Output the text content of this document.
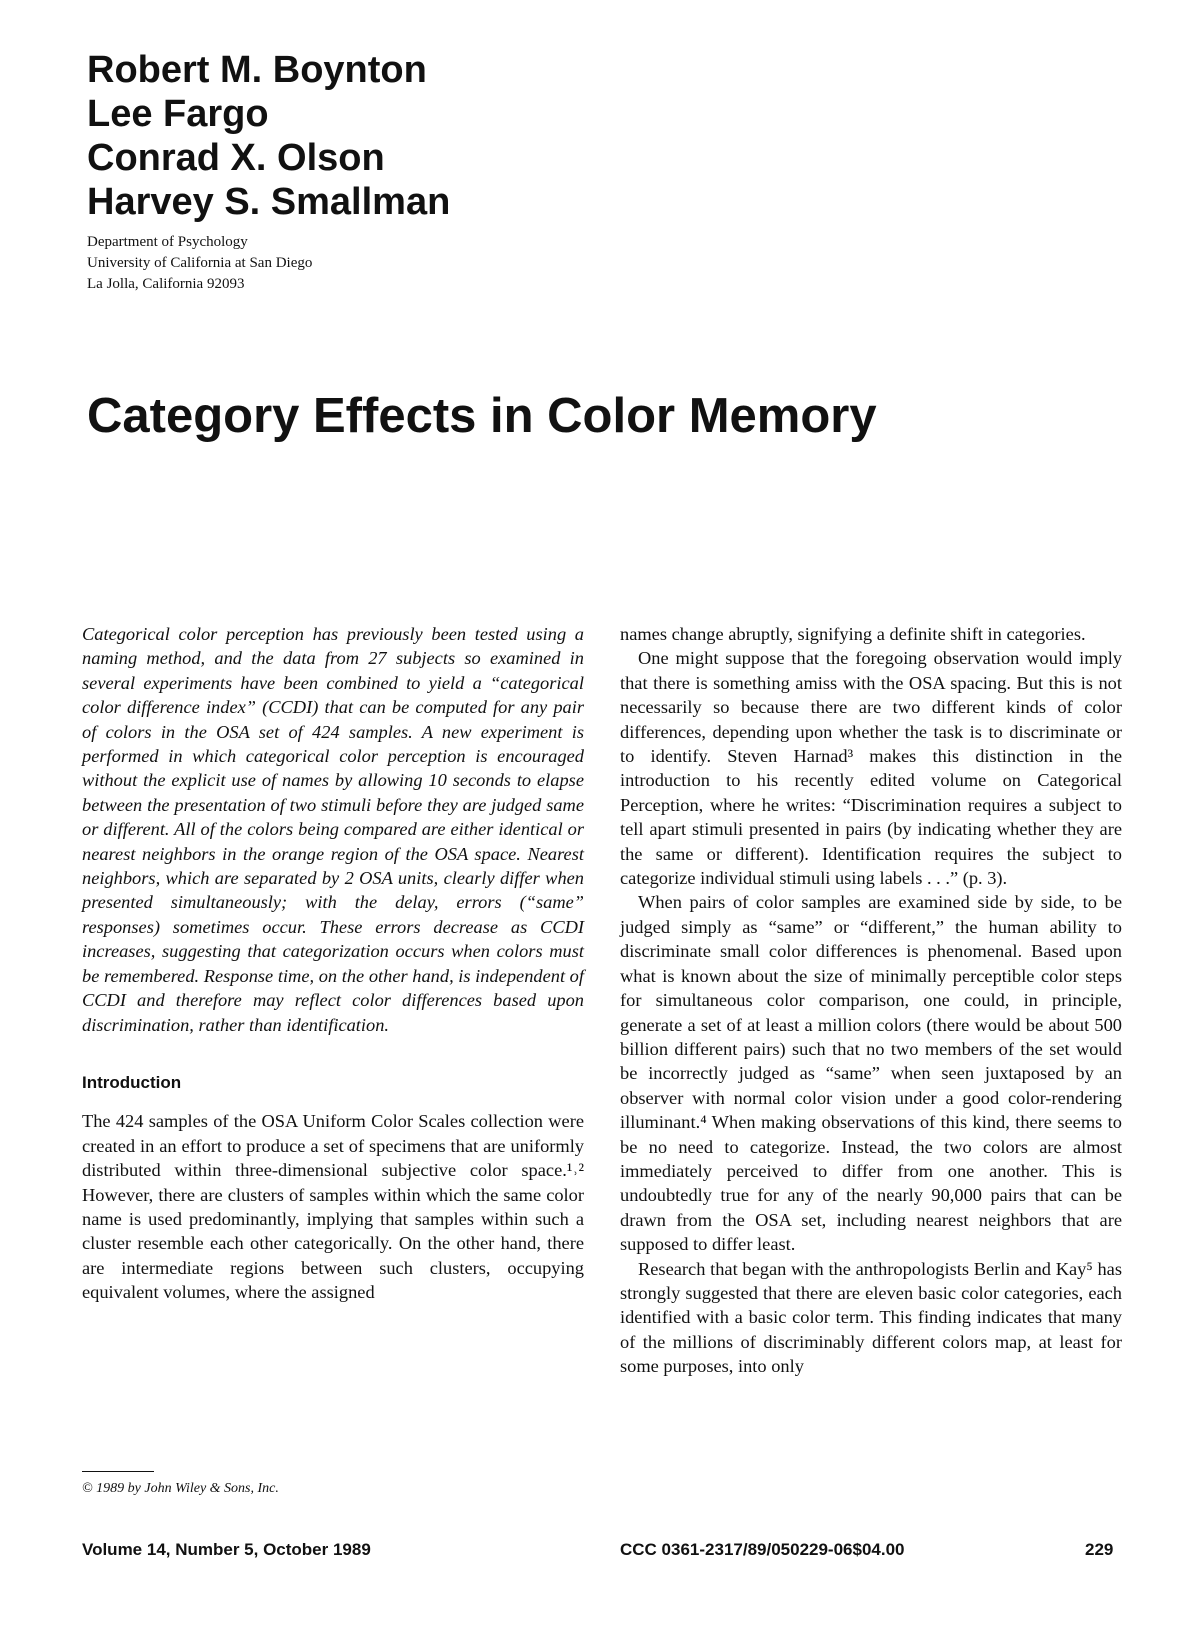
Robert M. Boynton
Lee Fargo
Conrad X. Olson
Harvey S. Smallman
Department of Psychology
University of California at San Diego
La Jolla, California 92093
Category Effects in Color Memory

Categorical color perception has previously been tested using a naming method, and the data from 27 subjects so examined in several experiments have been combined to yield a “categorical color difference index” (CCDI) that can be computed for any pair of colors in the OSA set of 424 samples. A new experiment is performed in which categorical color perception is encouraged without the explicit use of names by allowing 10 seconds to elapse between the presentation of two stimuli before they are judged same or different. All of the colors being compared are either identical or nearest neighbors in the orange region of the OSA space. Nearest neighbors, which are separated by 2 OSA units, clearly differ when presented simultaneously; with the delay, errors (“same” responses) sometimes occur. These errors decrease as CCDI increases, suggesting that categorization occurs when colors must be remembered. Response time, on the other hand, is independent of CCDI and therefore may reflect color differences based upon discrimination, rather than identification.

Introduction

The 424 samples of the OSA Uniform Color Scales collection were created in an effort to produce a set of specimens that are uniformly distributed within three-dimensional subjective color space.¹˒² However, there are clusters of samples within which the same color name is used predominantly, implying that samples within such a cluster resemble each other categorically. On the other hand, there are intermediate regions between such clusters, occupying equivalent volumes, where the assigned

names change abruptly, signifying a definite shift in categories.

One might suppose that the foregoing observation would imply that there is something amiss with the OSA spacing. But this is not necessarily so because there are two different kinds of color differences, depending upon whether the task is to discriminate or to identify. Steven Harnad³ makes this distinction in the introduction to his recently edited volume on Categorical Perception, where he writes: “Discrimination requires a subject to tell apart stimuli presented in pairs (by indicating whether they are the same or different). Identification requires the subject to categorize individual stimuli using labels . . .” (p. 3).

When pairs of color samples are examined side by side, to be judged simply as “same” or “different,” the human ability to discriminate small color differences is phenomenal. Based upon what is known about the size of minimally perceptible color steps for simultaneous color comparison, one could, in principle, generate a set of at least a million colors (there would be about 500 billion different pairs) such that no two members of the set would be incorrectly judged as “same” when seen juxtaposed by an observer with normal color vision under a good color-rendering illuminant.⁴ When making observations of this kind, there seems to be no need to categorize. Instead, the two colors are almost immediately perceived to differ from one another. This is undoubtedly true for any of the nearly 90,000 pairs that can be drawn from the OSA set, including nearest neighbors that are supposed to differ least.

Research that began with the anthropologists Berlin and Kay⁵ has strongly suggested that there are eleven basic color categories, each identified with a basic color term. This finding indicates that many of the millions of discriminably different colors map, at least for some purposes, into only

© 1989 by John Wiley & Sons, Inc.
Volume 14, Number 5, October 1989	CCC 0361-2317/89/050229-06$04.00	229
